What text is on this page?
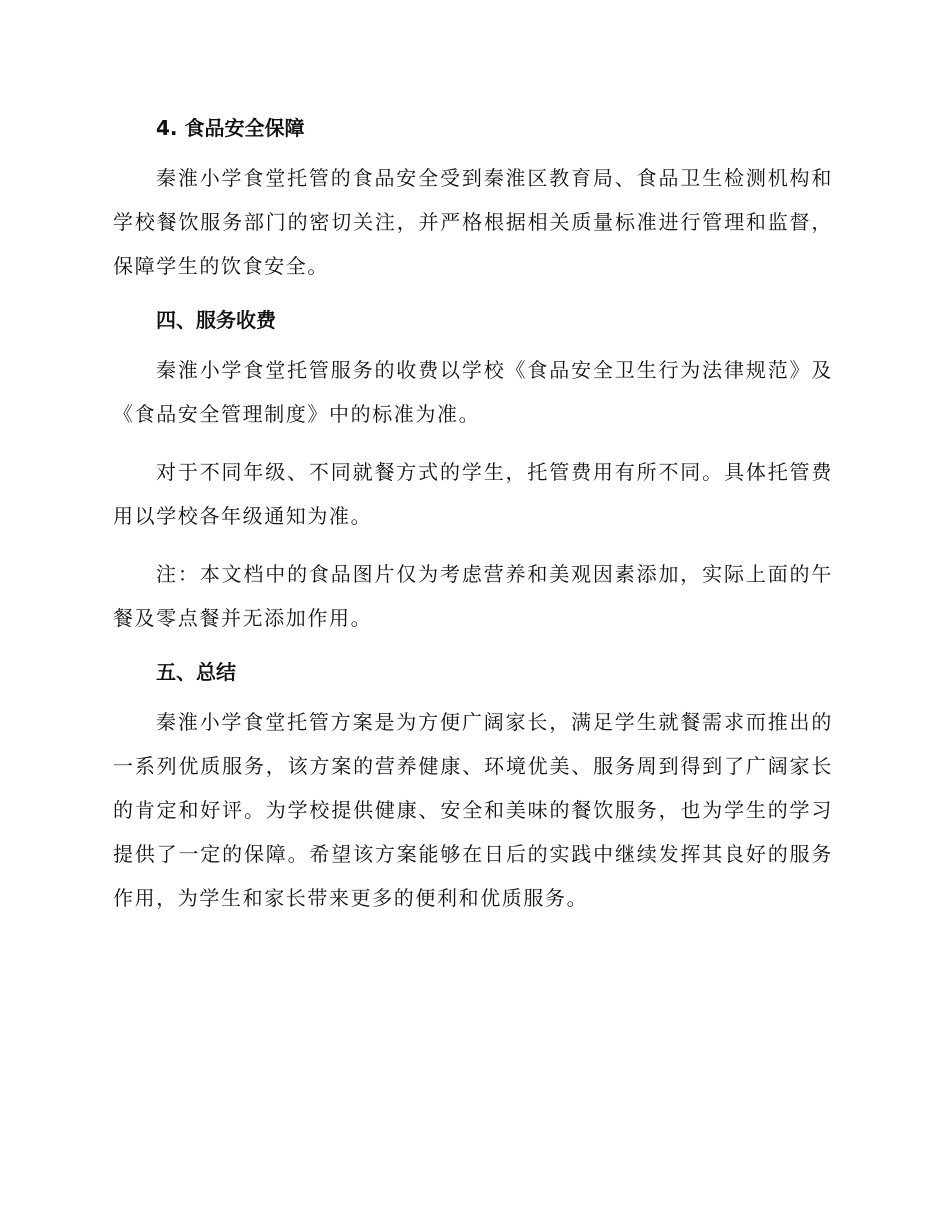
4. 食品安全保障

秦淮小学食堂托管的食品安全受到秦淮区教育局、食品卫生检测机构和学校餐饮服务部门的密切关注，并严格根据相关质量标准进行管理和监督，保障学生的饮食安全。

四、服务收费

秦淮小学食堂托管服务的收费以学校《食品安全卫生行为法律规范》及《食品安全管理制度》中的标准为准。

对于不同年级、不同就餐方式的学生，托管费用有所不同。具体托管费用以学校各年级通知为准。

注：本文档中的食品图片仅为考虑营养和美观因素添加，实际上面的午餐及零点餐并无添加作用。

五、总结

秦淮小学食堂托管方案是为方便广阔家长，满足学生就餐需求而推出的一系列优质服务，该方案的营养健康、环境优美、服务周到得到了广阔家长的肯定和好评。为学校提供健康、安全和美味的餐饮服务，也为学生的学习提供了一定的保障。希望该方案能够在日后的实践中继续发挥其良好的服务作用，为学生和家长带来更多的便利和优质服务。
